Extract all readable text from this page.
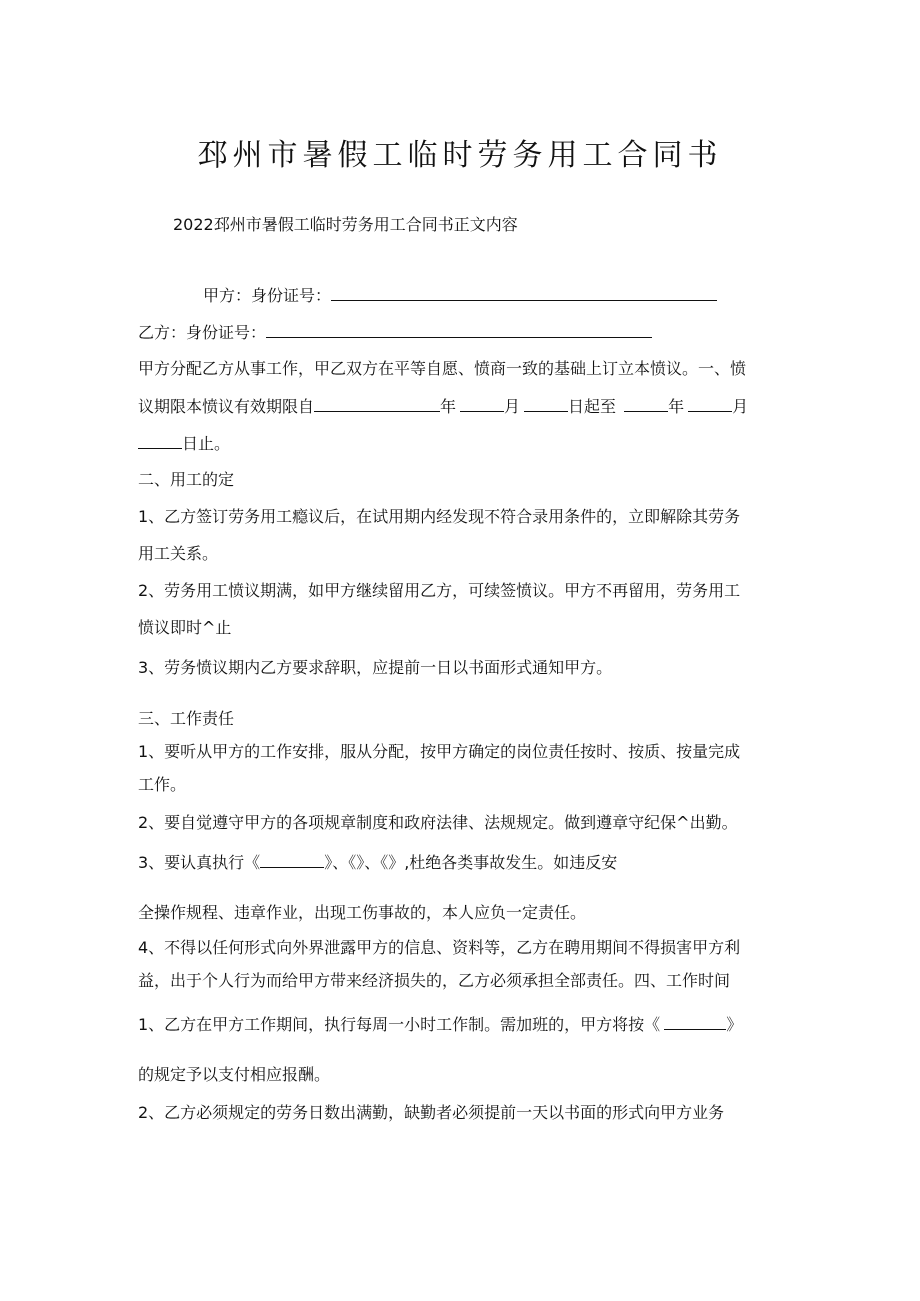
邳州市暑假工临时劳务用工合同书

2022邳州市暑假工临时劳务用工合同书正文内容

甲方：身份证号：

乙方：身份证号：

甲方分配乙方从事工作，甲乙双方在平等自愿、愤商一致的基础上订立本愤议。一、愤

议期限本愤议有效期限自	年	月	日起至	年	月

日止。

二、用工的定

1、乙方签订劳务用工瘾议后，在试用期内经发现不符合录用条件的，立即解除其劳务

用工关系。

2、劳务用工愤议期满，如甲方继续留用乙方，可续签愤议。甲方不再留用，劳务用工

愤议即时^止

3、劳务愤议期内乙方要求辞职，应提前一日以书面形式通知甲方。

三、工作责任

1、要听从甲方的工作安排，服从分配，按甲方确定的岗位责任按时、按质、按量完成

工作。

2、要自觉遵守甲方的各项规章制度和政府法律、法规规定。做到遵章守纪保^出勤。

3、要认真执行《	》、《》、《》,杜绝各类事故发生。如违反安

全操作规程、违章作业，出现工伤事故的，本人应负一定责任。

4、不得以任何形式向外界泄露甲方的信息、资料等，乙方在聘用期间不得损害甲方利

益，出于个人行为而给甲方带来经济损失的，乙方必须承担全部责任。四、工作时间

1、乙方在甲方工作期间，执行每周一小时工作制。需加班的，甲方将按《	》

的规定予以支付相应报酬。

2、乙方必须规定的劳务日数出满勤，缺勤者必须提前一天以书面的形式向甲方业务
